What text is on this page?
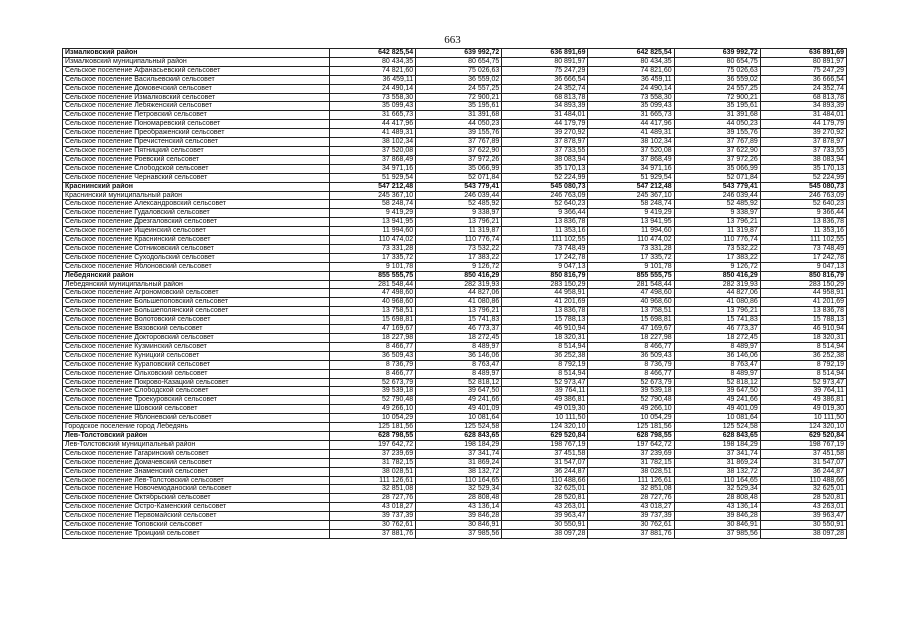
663
Измалковский район	642 825,54	639 992,72	636 891,69	642 825,54	639 992,72	636 891,69
Измалковский муниципальный район	80 434,35	80 654,75	80 891,97	80 434,35	80 654,75	80 891,97
Сельское поселение Афанасьевский сельсовет	74 821,60	75 026,63	75 247,29	74 821,60	75 026,63	75 247,29
Сельское поселение Васильевский сельсовет	36 459,11	36 559,02	36 666,54	36 459,11	36 559,02	36 666,54
Сельское поселение Домовечский сельсовет	24 490,14	24 557,25	24 352,74	24 490,14	24 557,25	24 352,74
Сельское поселение Измалковский сельсовет	73 558,30	72 900,21	68 813,78	73 558,30	72 900,21	68 813,78
Сельское поселение Лебяженский сельсовет	35 099,43	35 195,61	34 893,39	35 099,43	35 195,61	34 893,39
Сельское поселение Петровский сельсовет	31 665,73	31 391,68	31 484,01	31 665,73	31 391,68	31 484,01
Сельское поселение Пономаревский сельсовет	44 417,96	44 050,23	44 179,79	44 417,96	44 050,23	44 179,79
Сельское поселение Преображенский сельсовет	41 489,31	39 155,76	39 270,92	41 489,31	39 155,76	39 270,92
Сельское поселение Пречистенский сельсовет	38 102,34	37 767,89	37 878,97	38 102,34	37 767,89	37 878,97
Сельское поселение Пятницкий сельсовет	37 520,08	37 622,90	37 733,55	37 520,08	37 622,90	37 733,55
Сельское поселение Роевский сельсовет	37 868,49	37 972,26	38 083,94	37 868,49	37 972,26	38 083,94
Сельское поселение Слободской сельсовет	34 971,16	35 066,99	35 170,13	34 971,16	35 066,99	35 170,13
Сельское поселение Чернавский сельсовет	51 929,54	52 071,84	52 224,99	51 929,54	52 071,84	52 224,99
Краснинский район	547 212,48	543 779,41	545 080,73	547 212,48	543 779,41	545 080,73
Краснинский муниципальный район	245 367,10	246 039,44	246 763,09	245 367,10	246 039,44	246 763,09
Сельское поселение Александровский сельсовет	58 248,74	52 485,92	52 640,23	58 248,74	52 485,92	52 640,23
Сельское поселение Гудаловский сельсовет	9 419,29	9 338,97	9 366,44	9 419,29	9 338,97	9 366,44
Сельское поселение Дрезгаловский сельсовет	13 941,95	13 796,21	13 836,78	13 941,95	13 796,21	13 836,78
Сельское поселение Ищеинский сельсовет	11 994,60	11 319,87	11 353,16	11 994,60	11 319,87	11 353,16
Сельское поселение Краснинский сельсовет	110 474,02	110 776,74	111 102,55	110 474,02	110 776,74	111 102,55
Сельское поселение Сотниковский сельсовет	73 331,28	73 532,22	73 748,49	73 331,28	73 532,22	73 748,49
Сельское поселение Суходольский сельсовет	17 335,72	17 383,22	17 242,78	17 335,72	17 383,22	17 242,78
Сельское поселение Яблоновский сельсовет	9 101,78	9 126,72	9 047,13	9 101,78	9 126,72	9 047,13
Лебедянский район	855 555,75	850 416,29	850 816,79	855 555,75	850 416,29	850 816,79
Лебедянский муниципальный район	281 548,44	282 319,93	283 150,29	281 548,44	282 319,93	283 150,29
Сельское поселение Агрономовский сельсовет	47 498,60	44 827,06	44 958,91	47 498,60	44 827,06	44 958,91
Сельское поселение Большепоповский сельсовет	40 968,60	41 080,86	41 201,69	40 968,60	41 080,86	41 201,69
Сельское поселение Большеполянский сельсовет	13 758,51	13 796,21	13 836,78	13 758,51	13 796,21	13 836,78
Сельское поселение Волотовский сельсовет	15 698,81	15 741,83	15 788,13	15 698,81	15 741,83	15 788,13
Сельское поселение Вязовский сельсовет	47 169,67	46 773,37	46 910,94	47 169,67	46 773,37	46 910,94
Сельское поселение Докторовский сельсовет	18 227,98	18 272,45	18 320,31	18 227,98	18 272,45	18 320,31
Сельское поселение Кузминский сельсовет	8 466,77	8 489,97	8 514,94	8 466,77	8 489,97	8 514,94
Сельское поселение Куницкий сельсовет	36 509,43	36 146,06	36 252,38	36 509,43	36 146,06	36 252,38
Сельское поселение Кураповский сельсовет	8 736,79	8 763,47	8 792,19	8 736,79	8 763,47	8 792,19
Сельское поселение Ольховский сельсовет	8 466,77	8 489,97	8 514,94	8 466,77	8 489,97	8 514,94
Сельское поселение Покрово-Казацкий сельсовет	52 673,79	52 818,12	52 973,47	52 673,79	52 818,12	52 973,47
Сельское поселение Слободской сельсовет	39 539,18	39 647,50	39 764,11	39 539,18	39 647,50	39 764,11
Сельское поселение Троекуровский сельсовет	52 790,48	49 241,66	49 386,81	52 790,48	49 241,66	49 386,81
Сельское поселение Шовский сельсовет	49 266,10	49 401,09	49 019,30	49 266,10	49 401,09	49 019,30
Сельское поселение Яблоневский сельсовет	10 054,29	10 081,64	10 111,50	10 054,29	10 081,64	10 111,50
Городское поселение город Лебедянь	125 181,56	125 524,58	124 320,10	125 181,56	125 524,58	124 320,10
Лев-Толстовский район	628 798,55	628 843,65	629 520,84	628 798,55	628 843,65	629 520,84
Лев-Толстовский муниципальный район	197 642,72	198 184,29	198 767,19	197 642,72	198 184,29	198 767,19
Сельское поселение Гагаринский сельсовет	37 239,69	37 341,74	37 451,58	37 239,69	37 341,74	37 451,58
Сельское поселение Домачевский сельсовет	31 782,15	31 869,24	31 547,07	31 782,15	31 869,24	31 547,07
Сельское поселение Знаменский сельсовет	38 028,51	38 132,72	36 244,87	38 028,51	38 132,72	36 244,87
Сельское поселение Лев-Толстовский сельсовет	111 126,61	110 164,65	110 488,66	111 126,61	110 164,65	110 488,66
Сельское поселение Новочемоданоский сельсовет	32 851,08	32 529,34	32 625,01	32 851,08	32 529,34	32 625,01
Сельское поселение Октябрьский сельсовет	28 727,76	28 808,48	28 520,81	28 727,76	28 808,48	28 520,81
Сельское поселение Остро-Каменский сельсовет	43 018,27	43 136,14	43 263,01	43 018,27	43 136,14	43 263,01
Сельское поселение Первомайский сельсовет	39 737,39	39 846,28	39 963,47	39 737,39	39 846,28	39 963,47
Сельское поселение Топовский сельсовет	30 762,61	30 846,91	30 550,91	30 762,61	30 846,91	30 550,91
Сельское поселение Троицкий сельсовет	37 881,76	37 985,56	38 097,28	37 881,76	37 985,56	38 097,28
